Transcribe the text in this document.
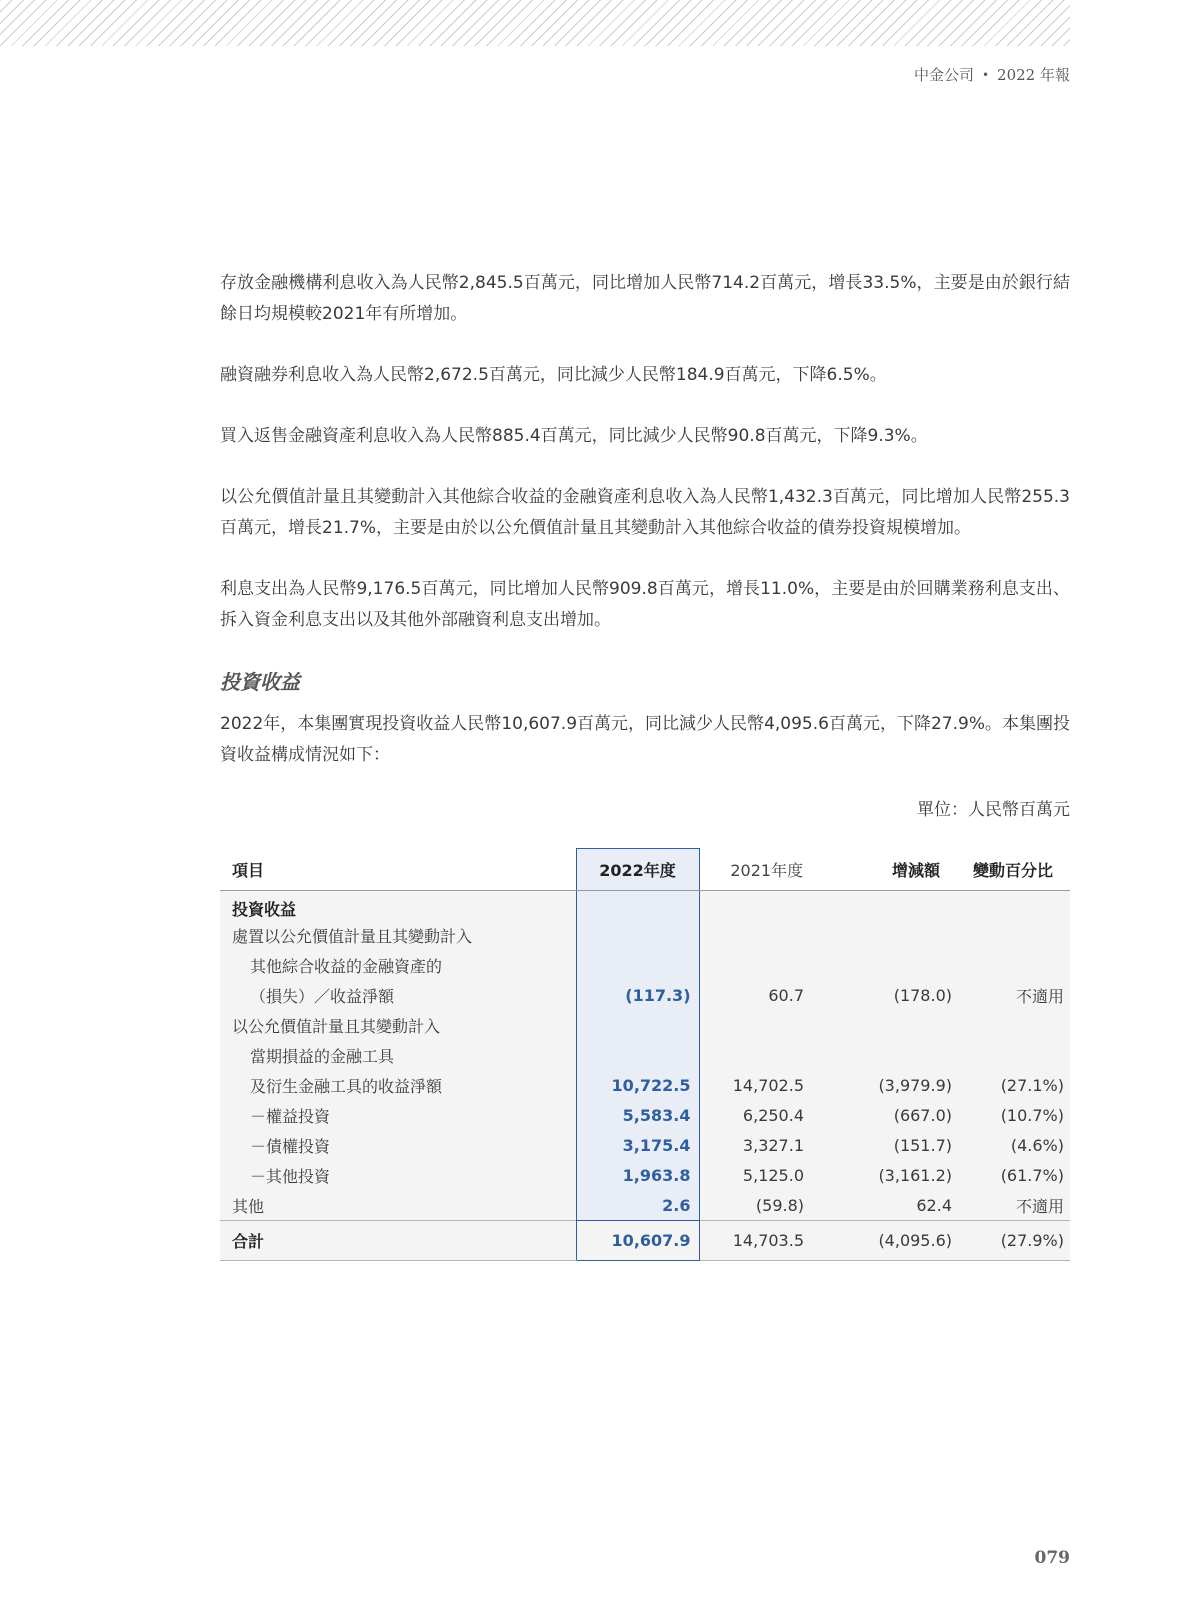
中金公司 • 2022 年報

存放金融機構利息收入為人民幣2,845.5百萬元，同比增加人民幣714.2百萬元，增長33.5%，主要是由於銀行結餘日均規模較2021年有所增加。

融資融券利息收入為人民幣2,672.5百萬元，同比減少人民幣184.9百萬元，下降6.5%。

買入返售金融資產利息收入為人民幣885.4百萬元，同比減少人民幣90.8百萬元，下降9.3%。

以公允價值計量且其變動計入其他綜合收益的金融資產利息收入為人民幣1,432.3百萬元，同比增加人民幣255.3百萬元，增長21.7%，主要是由於以公允價值計量且其變動計入其他綜合收益的債券投資規模增加。

利息支出為人民幣9,176.5百萬元，同比增加人民幣909.8百萬元，增長11.0%，主要是由於回購業務利息支出、拆入資金利息支出以及其他外部融資利息支出增加。

投資收益

2022年，本集團實現投資收益人民幣10,607.9百萬元，同比減少人民幣4,095.6百萬元，下降27.9%。本集團投資收益構成情況如下：

單位：人民幣百萬元
項目	2022年度	2021年度	增減額	變動百分比
投資收益				
處置以公允價值計量且其變動計入				
其他綜合收益的金融資產的				
（損失）／收益淨額	(117.3)	60.7	(178.0)	不適用
以公允價值計量且其變動計入				
當期損益的金融工具				
及衍生金融工具的收益淨額	10,722.5	14,702.5	(3,979.9)	(27.1%)
－權益投資	5,583.4	6,250.4	(667.0)	(10.7%)
－債權投資	3,175.4	3,327.1	(151.7)	(4.6%)
－其他投資	1,963.8	5,125.0	(3,161.2)	(61.7%)
其他	2.6	(59.8)	62.4	不適用
合計	10,607.9	14,703.5	(4,095.6)	(27.9%)
079
